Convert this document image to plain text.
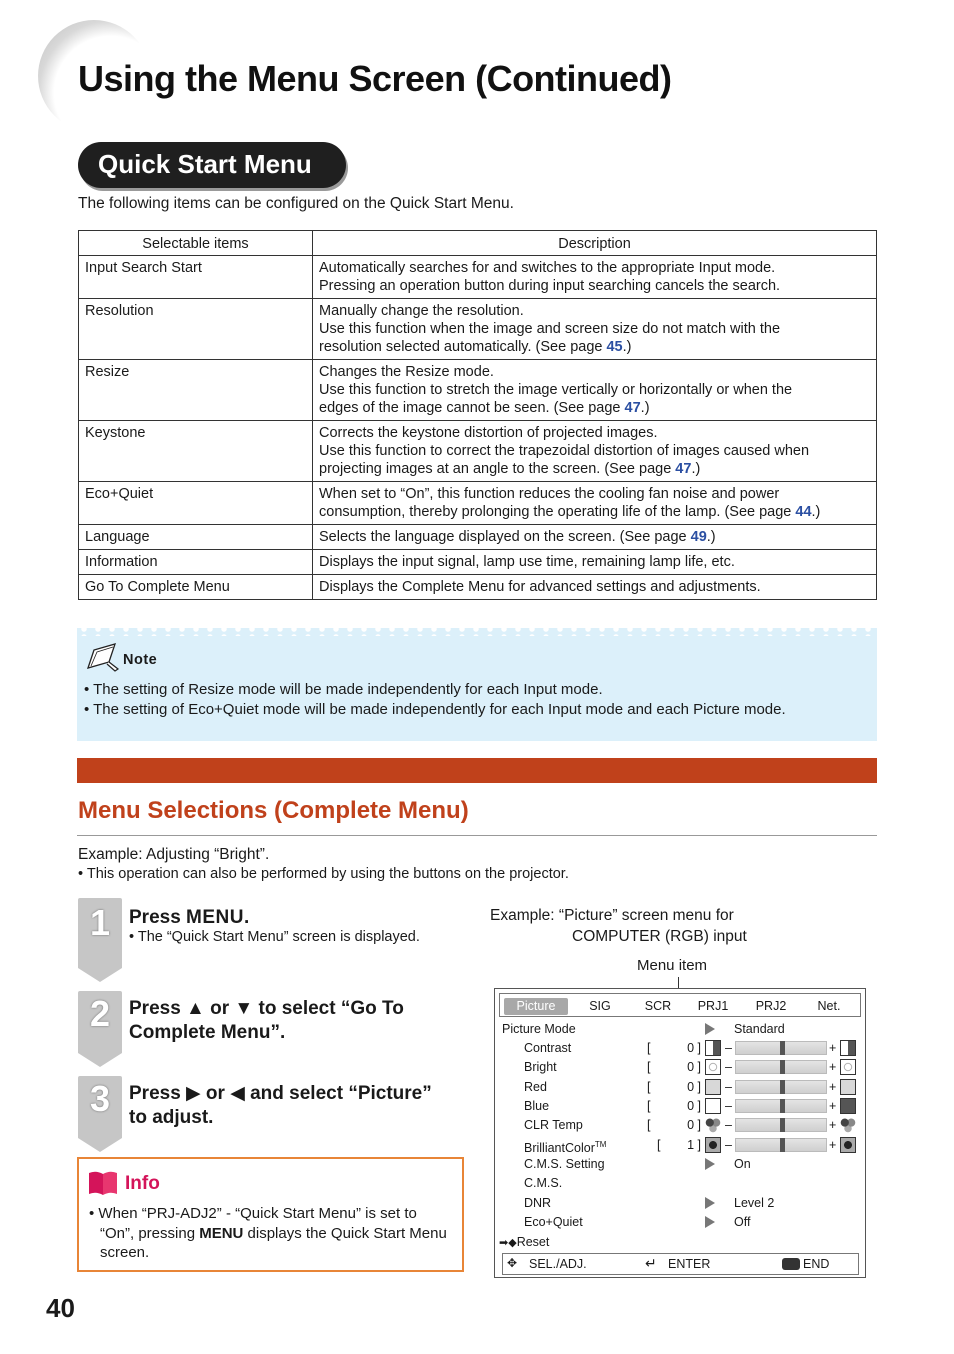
Using the Menu Screen (Continued)
Quick Start Menu

The following items can be configured on the Quick Start Menu.

Selectable items	Description
Input Search Start	Automatically searches for and switches to the appropriate Input mode.
Pressing an operation button during input searching cancels the search.

Resolution	Manually change the resolution.
Use this function when the image and screen size do not match with the
resolution selected automatically. (See page 45.)

Resize	Changes the Resize mode.
Use this function to stretch the image vertically or horizontally or when the
edges of the image cannot be seen. (See page 47.)

Keystone	Corrects the keystone distortion of projected images.
Use this function to correct the trapezoidal distortion of images caused when
projecting images at an angle to the screen. (See page 47.)

Eco+Quiet	When set to “On”, this function reduces the cooling fan noise and power
consumption, thereby prolonging the operating life of the lamp. (See page 44.)

Language	Selects the language displayed on the screen. (See page 49.)

Information	Displays the input signal, lamp use time, remaining lamp life, etc.

Go To Complete Menu	Displays the Complete Menu for advanced settings and adjustments.
Note
• The setting of Resize mode will be made independently for each Input mode.
• The setting of Eco+Quiet mode will be made independently for each Input mode and each Picture mode.
Menu Selections (Complete Menu)

Example: Adjusting “Bright”.

• This operation can also be performed by using the buttons on the projector.

1 Press MENU.
• The “Quick Start Menu” screen is displayed.
2 Press ▲ or ▼ to select “Go To Complete Menu”.
3 Press ▶ or ◀ and select “Picture” to adjust.
Info

• When “PRJ-ADJ2” - “Quick Start Menu” is set to “On”, pressing MENU displays the Quick Start Menu screen.

Example: “Picture” screen menu for

COMPUTER (RGB) input

Menu item

Picture	SIG	SCR	PRJ1	PRJ2	Net.
Picture Mode	Standard
Contrast	[	0 ] –	+
Bright	[	0 ] –	+
Red	[	0 ] –	+
Blue	[	0 ] –	+
CLR Temp	[	0 ] –	+
BrilliantColor™	[ 1 ] –	+
C.M.S. Setting	On
C.M.S.
DNR	Level 2
Eco+Quiet	Off
➡◆Reset
✥ SEL./ADJ.	↵ ENTER	END
40
